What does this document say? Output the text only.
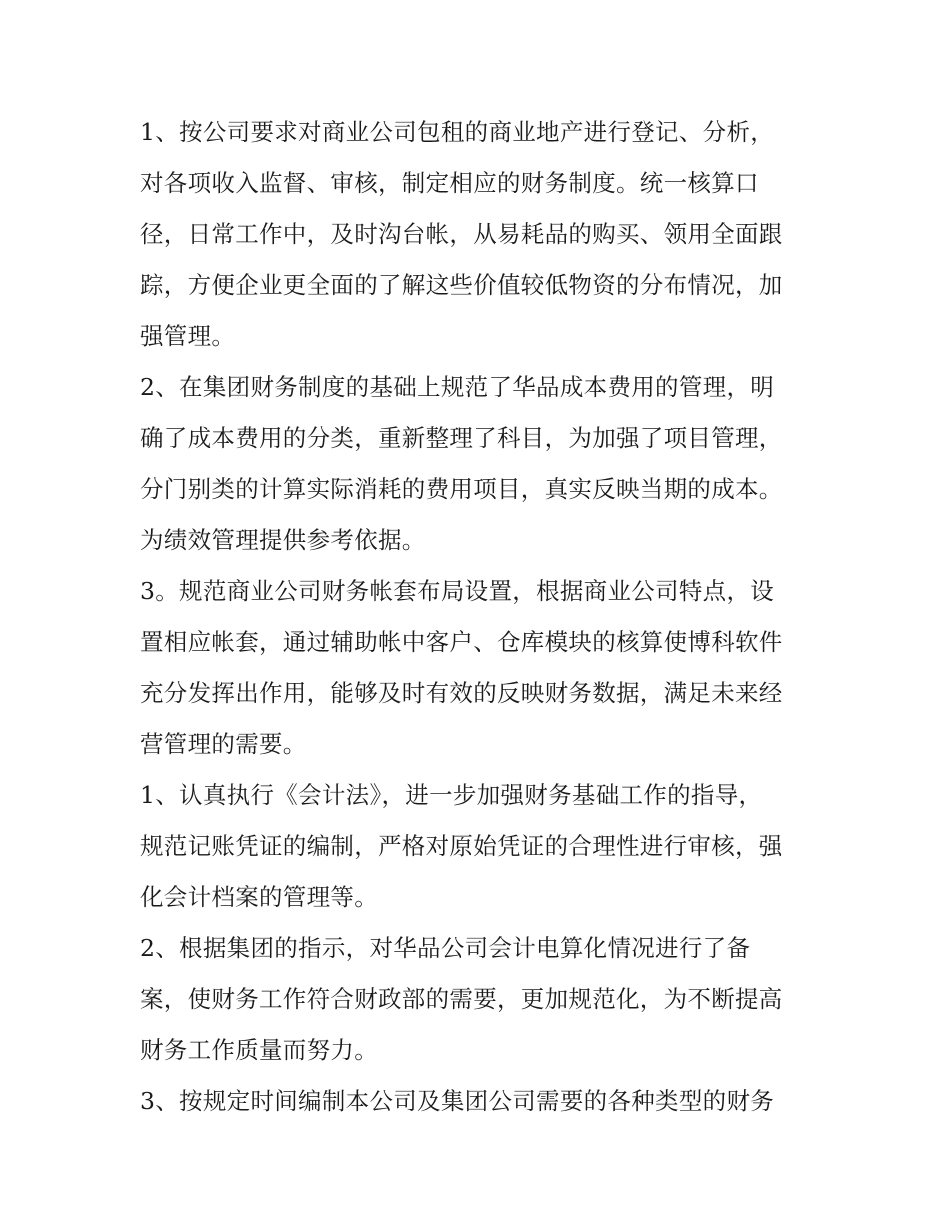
1、按公司要求对商业公司包租的商业地产进行登记、分析，
对各项收入监督、审核，制定相应的财务制度。统一核算口
径，日常工作中，及时沟台帐，从易耗品的购买、领用全面跟
踪，方便企业更全面的了解这些价值较低物资的分布情况，加
强管理。
2、在集团财务制度的基础上规范了华品成本费用的管理，明
确了成本费用的分类，重新整理了科目，为加强了项目管理，
分门别类的计算实际消耗的费用项目，真实反映当期的成本。
为绩效管理提供参考依据。
3。规范商业公司财务帐套布局设置，根据商业公司特点，设
置相应帐套，通过辅助帐中客户、仓库模块的核算使博科软件
充分发挥出作用，能够及时有效的反映财务数据，满足未来经
营管理的需要。
1、认真执行《会计法》，进一步加强财务基础工作的指导，
规范记账凭证的编制，严格对原始凭证的合理性进行审核，强
化会计档案的管理等。
2、根据集团的指示，对华品公司会计电算化情况进行了备
案，使财务工作符合财政部的需要，更加规范化，为不断提高
财务工作质量而努力。
3、按规定时间编制本公司及集团公司需要的各种类型的财务
